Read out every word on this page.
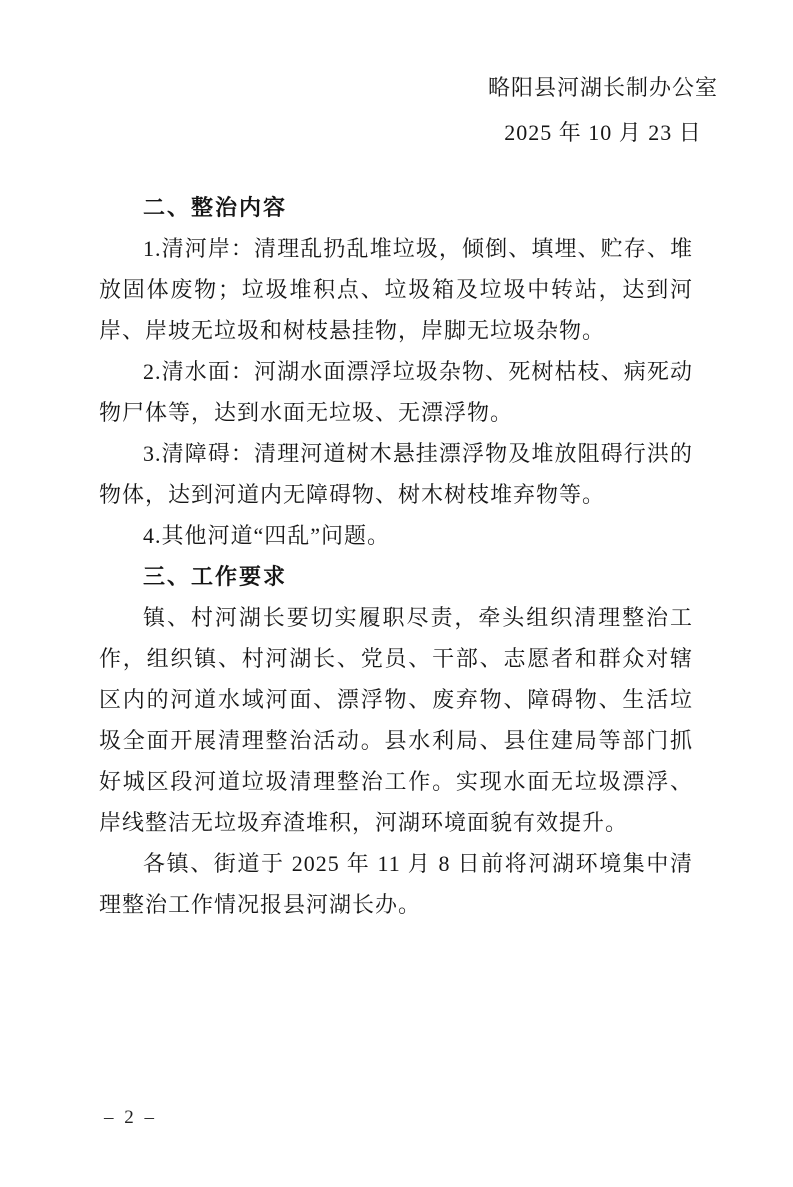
二、整治内容

1.清河岸：清理乱扔乱堆垃圾，倾倒、填埋、贮存、堆放固体废物；垃圾堆积点、垃圾箱及垃圾中转站，达到河岸、岸坡无垃圾和树枝悬挂物，岸脚无垃圾杂物。

2.清水面：河湖水面漂浮垃圾杂物、死树枯枝、病死动物尸体等，达到水面无垃圾、无漂浮物。

3.清障碍：清理河道树木悬挂漂浮物及堆放阻碍行洪的物体，达到河道内无障碍物、树木树枝堆弃物等。

4.其他河道“四乱”问题。

三、工作要求

镇、村河湖长要切实履职尽责，牵头组织清理整治工作，组织镇、村河湖长、党员、干部、志愿者和群众对辖区内的河道水域河面、漂浮物、废弃物、障碍物、生活垃圾全面开展清理整治活动。县水利局、县住建局等部门抓好城区段河道垃圾清理整治工作。实现水面无垃圾漂浮、岸线整洁无垃圾弃渣堆积，河湖环境面貌有效提升。

各镇、街道于 2025 年 11 月 8 日前将河湖环境集中清理整治工作情况报县河湖长办。

略阳县河湖长制办公室
2025 年 10 月 23 日
– 2 –
